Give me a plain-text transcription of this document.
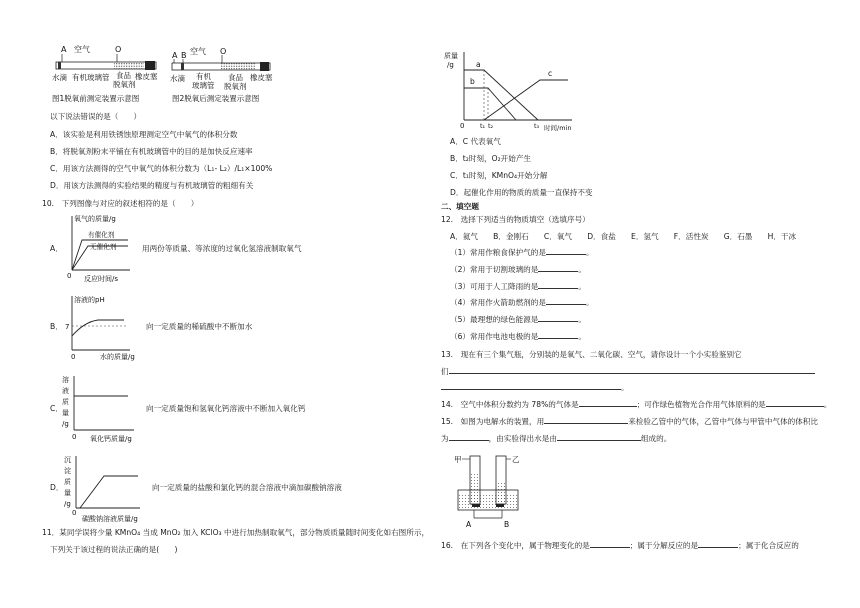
A 空气	O
水滴 有机玻璃管 食品 橡皮塞
脱氧剂
图1脱氧前测定装置示意图
A B 空气 O
水滴 有机
玻璃管
食品 橡皮塞
脱氧剂
图2脱氧后测定装置示意图
以下说法错误的是（　　）
A．该实验是利用铁锈蚀原理测定空气中氧气的体积分数
B．将脱氧剂粉末平铺在有机玻璃管中的目的是加快反应速率
C．用该方法测得的空气中氧气的体积分数为（L₁- L₂）/L₁×100%
D．用该方法测得的实验结果的精度与有机玻璃管的粗细有关
10.　下列图像与对应的叙述相符的是（　　）
A．
氧气的质量/g
有催化剂
无催化剂
0 反应时间/s
用两份等质量、等浓度的过氧化氢溶液制取氧气
B．
溶液的pH
7
0	水的质量/g
向一定质量的稀硫酸中不断加水
C．
溶
液
质
量
/g
0 氧化钙质量/g
向一定质量饱和氢氧化钙溶液中不断加入氧化钙
D．
沉
淀
质
量
/g
0
碳酸钠溶液质量/g
向一定质量的盐酸和氯化钙的混合溶液中滴加碳酸钠溶液
11．某同学误将少量 KMnO₄ 当成 MnO₂ 加入 KClO₃ 中进行加热制取氧气，部分物质质量随时间变化如右图所示，
下列关于该过程的说法正确的是(　　)
质量
/g	a
b
c
0 t₁ t₂	t₃ 时间/min
A．C 代表氧气
B．t₂时刻，O₂开始产生
C．t₁时刻，KMnO₄开始分解
D．起催化作用的物质的质量一直保持不变
二、填空题
12.　选择下列适当的物质填空（选填序号）
A．氦气　　B．金刚石　　C．氧气　　D．食盐　　E．氢气　　F．活性炭　　G．石墨　　H．干冰
（1）常用作粮食保护气的是	。
（2）常用于切割玻璃的是	。
（3）可用于人工降雨的是	。
（4）常用作火箭助燃剂的是	。
（5）最理想的绿色能源是	。
（6）常用作电池电极的是	。
13.　现在有三个集气瓶，分别装的是氧气、二氧化碳、空气，请你设计一个小实验鉴别它
们
。
14.　空气中体积分数约为 78%的气体是	；可作绿色植物光合作用气体原料的是	。
15.　如图为电解水的装置，用	来检验乙管中的气体，乙管中气体与甲管中气体的体积比
为	，由实验得出水是由	组成的。
甲	乙
A	B
16.　在下列各个变化中，属于物理变化的是	；属于分解反应的是	；属于化合反应的
